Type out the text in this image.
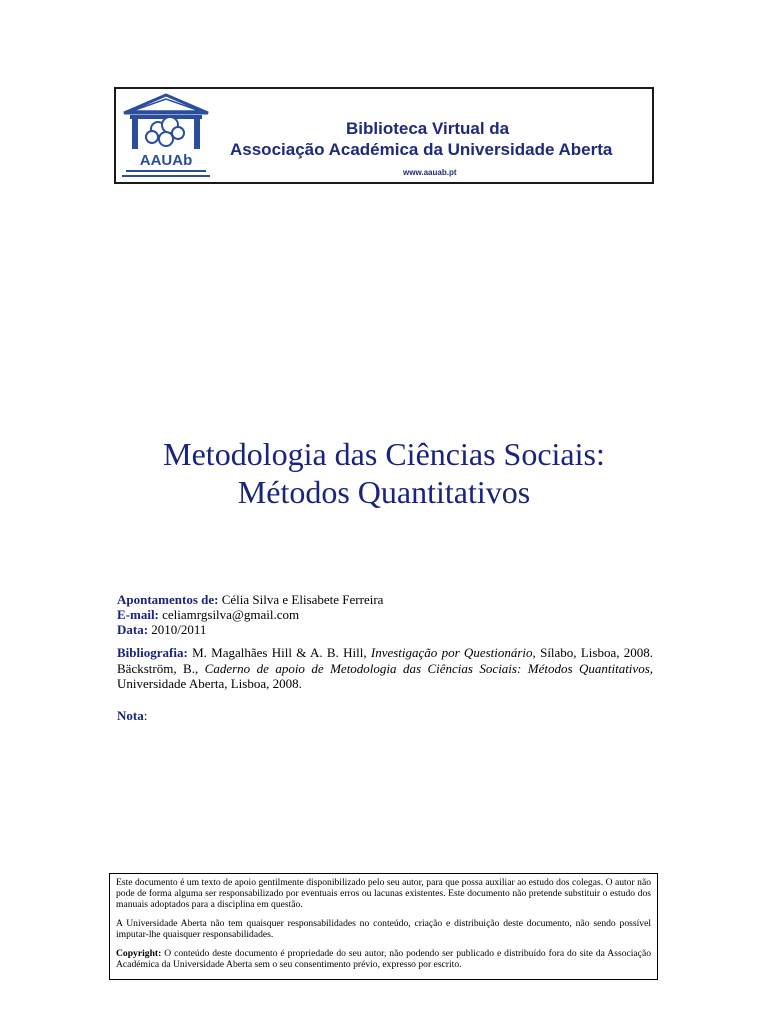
AAUAb
Biblioteca Virtual da
Associação Académica da Universidade Aberta
www.aauab.pt
Metodologia das Ciências Sociais:
Métodos Quantitativos
Apontamentos de: Célia Silva e Elisabete Ferreira
E-mail: celiamrgsilva@gmail.com
Data: 2010/2011
Bibliografia: M. Magalhães Hill & A. B. Hill, Investigação por Questionário, Sílabo, Lisboa, 2008. Bäckström, B., Caderno de apoio de Metodologia das Ciências Sociais: Métodos Quantitativos, Universidade Aberta, Lisboa, 2008.
Nota:

Este documento é um texto de apoio gentilmente disponibilizado pelo seu autor, para que possa auxiliar ao estudo dos colegas. O autor não pode de forma alguma ser responsabilizado por eventuais erros ou lacunas existentes. Este documento não pretende substituir o estudo dos manuais adoptados para a disciplina em questão.

A Universidade Aberta não tem quaisquer responsabilidades no conteúdo, criação e distribuição deste documento, não sendo possível imputar-lhe quaisquer responsabilidades.

Copyright: O conteúdo deste documento é propriedade do seu autor, não podendo ser publicado e distribuído fora do site da Associação Académica da Universidade Aberta sem o seu consentimento prévio, expresso por escrito.
